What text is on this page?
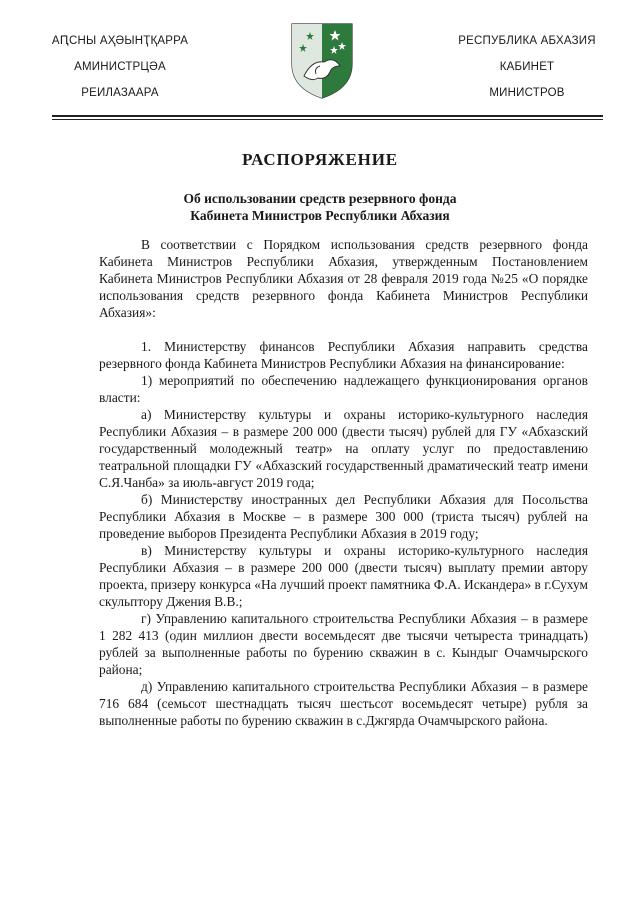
АԤСНЫ АҲӘЫНҬҚАРРА
АМИНИСТРЦӘА
РЕИЛАЗААРА
РЕСПУБЛИКА АБХАЗИЯ
КАБИНЕТ
МИНИСТРОВ
РАСПОРЯЖЕНИЕ
Об использовании средств резервного фонда
Кабинета Министров Республики Абхазия

В соответствии с Порядком использования средств резервного фонда Кабинета Министров Республики Абхазия, утвержденным Постановлением Кабинета Министров Республики Абхазия от 28 февраля 2019 года №25 «О порядке использования средств резервного фонда Кабинета Министров Республики Абхазия»:

1. Министерству финансов Республики Абхазия направить средства резервного фонда Кабинета Министров Республики Абхазия на финансирование:

1) мероприятий по обеспечению надлежащего функционирования органов власти:

а) Министерству культуры и охраны историко-культурного наследия Республики Абхазия – в размере 200 000 (двести тысяч) рублей для ГУ «Абхазский государственный молодежный театр» на оплату услуг по предоставлению театральной площадки ГУ «Абхазский государственный драматический театр имени С.Я.Чанба» за июль-август 2019 года;

б) Министерству иностранных дел Республики Абхазия для Посольства Республики Абхазия в Москве – в размере 300 000 (триста тысяч) рублей на проведение выборов Президента Республики Абхазия в 2019 году;

в) Министерству культуры и охраны историко-культурного наследия Республики Абхазия – в размере 200 000 (двести тысяч) выплату премии автору проекта, призеру конкурса «На лучший проект памятника Ф.А. Искандера» в г.Сухум скульптору Джения В.В.;

г) Управлению капитального строительства Республики Абхазия – в размере 1 282 413 (один миллион двести восемьдесят две тысячи четыреста тринадцать) рублей за выполненные работы по бурению скважин в с. Кындыг Очамчырского района;

д) Управлению капитального строительства Республики Абхазия – в размере 716 684 (семьсот шестнадцать тысяч шестьсот восемьдесят четыре) рубля за выполненные работы по бурению скважин в с.Джгярда Очамчырского района.
